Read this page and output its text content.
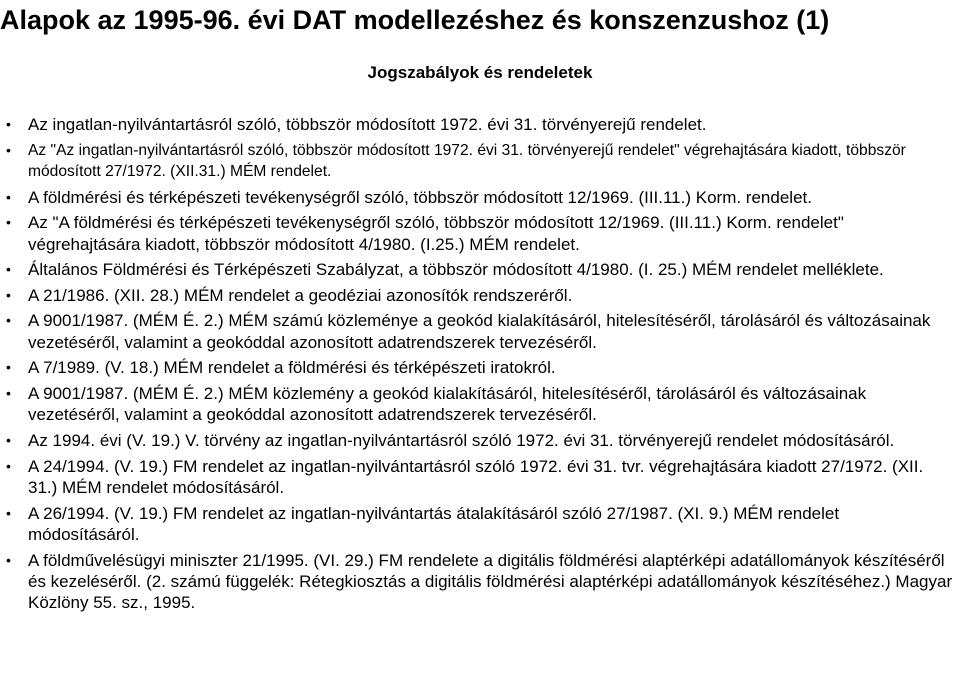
Alapok az 1995-96. évi DAT modellezéshez és konszenzushoz (1)
Jogszabályok és rendeletek
• Az ingatlan-nyilvántartásról szóló, többször módosított 1972. évi 31. törvényerejű rendelet.
• Az "Az ingatlan-nyilvántartásról szóló, többször módosított 1972. évi 31. törvényerejű rendelet" végrehajtására kiadott, többször módosított 27/1972. (XII.31.) MÉM rendelet.
• A földmérési és térképészeti tevékenységről szóló, többször módosított 12/1969. (III.11.) Korm. rendelet.
• Az "A földmérési és térképészeti tevékenységről szóló, többször módosított 12/1969. (III.11.) Korm. rendelet" végrehajtására kiadott, többször módosított 4/1980. (I.25.) MÉM rendelet.
• Általános Földmérési és Térképészeti Szabályzat, a többször módosított 4/1980. (I. 25.) MÉM rendelet melléklete.
• A 21/1986. (XII. 28.) MÉM rendelet a geodéziai azonosítók rendszeréről.
• A 9001/1987. (MÉM É. 2.) MÉM számú közleménye a geokód kialakításáról, hitelesítéséről, tárolásáról és változásainak vezetéséről, valamint a geokóddal azonosított adatrendszerek tervezéséről.
• A 7/1989. (V. 18.) MÉM rendelet a földmérési és térképészeti iratokról.
• A 9001/1987. (MÉM É. 2.) MÉM közlemény a geokód kialakításáról, hitelesítéséről, tárolásáról és változásainak vezetéséről, valamint a geokóddal azonosított adatrendszerek tervezéséről.
• Az 1994. évi (V. 19.) V. törvény az ingatlan-nyilvántartásról szóló 1972. évi 31. törvényerejű rendelet módosításáról.
• A 24/1994. (V. 19.) FM rendelet az ingatlan-nyilvántartásról szóló 1972. évi 31. tvr. végrehajtására kiadott 27/1972. (XII. 31.) MÉM rendelet módosításáról.
• A 26/1994. (V. 19.) FM rendelet az ingatlan-nyilvántartás átalakításáról szóló 27/1987. (XI. 9.) MÉM rendelet módosításáról.
• A földművelésügyi miniszter 21/1995. (VI. 29.) FM rendelete a digitális földmérési alaptérképi adatállományok készítéséről és kezeléséről. (2. számú függelék: Rétegkiosztás a digitális földmérési alaptérképi adatállományok készítéséhez.) Magyar Közlöny 55. sz., 1995.
